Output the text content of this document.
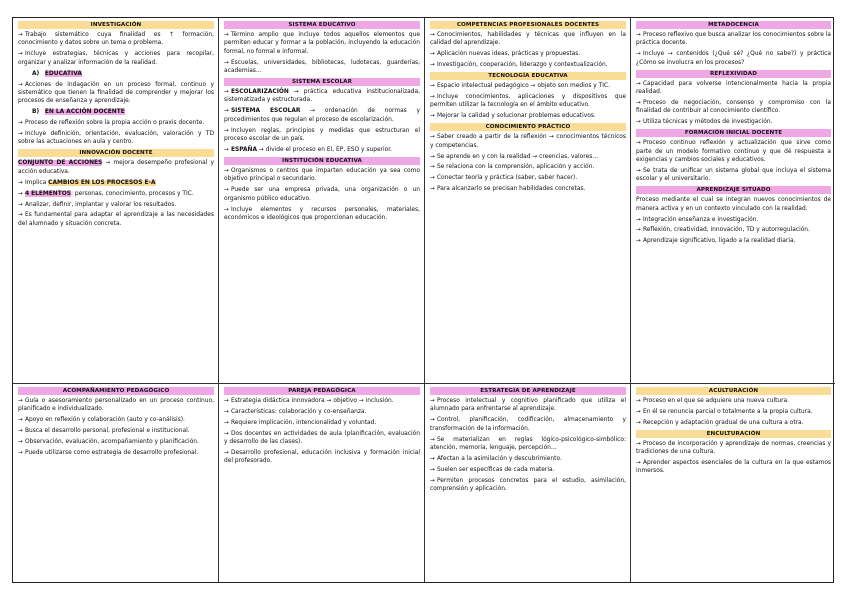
INVESTIGACIÓN

→ Trabajo sistemático cuya finalidad es ↑ formación, conocimiento y datos sobre un tema o problema.

→ Incluye estrategias, técnicas y acciones para recopilar, organizar y analizar información de la realidad.

A) EDUCATIVA

→ Acciones de indagación en un proceso formal, continuo y sistemático que tienen la finalidad de comprender y mejorar los procesos de enseñanza y aprendizaje.

B) EN LA ACCIÓN DOCENTE

→ Proceso de reflexión sobre la propia acción o praxis docente.

→ Incluye definición, orientación, evaluación, valoración y TD sobre las actuaciones en aula y centro.

INNOVACIÓN DOCENTE

CONJUNTO DE ACCIONES → mejora desempeño profesional y acción educativa.

→ Implica CAMBIOS EN LOS PROCESOS E-A

→ 4 ELEMENTOS: personas, conocimiento, procesos y TIC.

→ Analizar, definir, implantar y valorar los resultados.

→ Es fundamental para adaptar el aprendizaje a las necesidades del alumnado y situación concreta.

SISTEMA EDUCATIVO

→ Término amplio que incluye todos aquellos elementos que permiten educar y formar a la población, incluyendo la educación formal, no formal e informal.

→ Escuelas, universidades, bibliotecas, ludotecas, guarderías, academias…

SISTEMA ESCOLAR

→ ESCOLARIZACIÓN → práctica educativa institucionalizada, sistematizada y estructurada.

→ SISTEMA ESCOLAR → ordenación de normas y procedimientos que regulan el proceso de escolarización.

→ Incluyen reglas, principios y medidas que estructuran el proceso escolar de un país.

→ ESPAÑA → divide el proceso en EI, EP, ESO y superior.

INSTITUCIÓN EDUCATIVA

→ Organismos o centros que imparten educación ya sea como objetivo principal o secundario.

→ Puede ser una empresa privada, una organización o un organismo público educativo.

→ Incluye elementos y recursos personales, materiales, económicos e ideológicos que proporcionan educación.

COMPETENCIAS PROFESIONALES DOCENTES

→ Conocimientos, habilidades y técnicas que influyen en la calidad del aprendizaje.

→ Aplicación nuevas ideas, prácticas y propuestas.

→ Investigación, cooperación, liderazgo y contextualización.

TECNOLOGÍA EDUCATIVA

→ Espacio intelectual pedagógico → objeto son medios y TIC.

→ Incluye conocimientos, aplicaciones y dispositivos que permiten utilizar la tecnología en el ámbito educativo.

→ Mejorar la calidad y solucionar problemas educativos.

CONOCIMIENTO PRÁCTICO

→ Saber creado a partir de la reflexión → conocimientos técnicos y competencias.

→ Se aprende en y con la realidad → creencias, valores…

→ Se relaciona con la comprensión, aplicación y acción.

→ Conectar teoría y práctica (saber, saber hacer).

→ Para alcanzarlo se precisan habilidades concretas.

METADOCENCIA

→ Proceso reflexivo que busca analizar los conocimientos sobre la práctica docente.

→ Incluye → contenidos (¿Qué sé? ¿Qué no sabe?) y práctica ¿Cómo se involucra en los procesos?

REFLEXIVIDAD

→ Capacidad para volverse intencionalmente hacia la propia realidad.

→ Proceso de negociación, consenso y compromiso con la finalidad de contribuir al conocimiento científico.

→ Utiliza técnicas y métodos de investigación.

FORMACIÓN INICIAL DOCENTE

→ Proceso continuo reflexión y actualización que sirve como parte de un modelo formativo continuo y que dé respuesta a exigencias y cambios sociales y educativos.

→ Se trata de unificar un sistema global que incluya el sistema escolar y el universitario.

APRENDIZAJE SITUADO

Proceso mediante el cual se integran nuevos conocimientos de manera activa y en un contexto vinculado con la realidad.

→ Integración enseñanza e investigación.

→ Reflexión, creatividad, innovación, TD y autorregulación.

→ Aprendizaje significativo, ligado a la realidad diaria.

ACOMPAÑAMIENTO PEDAGÓGICO

→ Guía o asesoramiento personalizado en un proceso continuo, planificado e individualizado.

→ Apoyo en reflexión y colaboración (auto y co-análisis).

→ Busca el desarrollo personal, profesional e institucional.

→ Observación, evaluación, acompañamiento y planificación.

→ Puede utilizarse como estrategia de desarrollo profesional.

PAREJA PEDAGÓGICA

→ Estrategia didáctica innovadora → objetivo → inclusión.

→ Características: colaboración y co-enseñanza.

→ Requiere implicación, intencionalidad y voluntad.

→ Dos docentes en actividades de aula (planificación, evaluación y desarrollo de las clases).

→ Desarrollo profesional, educación inclusiva y formación inicial del profesorado.

ESTRATEGIA DE APRENDIZAJE

→ Proceso intelectual y cognitivo planificado que utiliza el alumnado para enfrentarse al aprendizaje.

→ Control, planificación, codificación, almacenamiento y transformación de la información.

→ Se materializan en reglas lógico-psicológico-simbólico: atención, memoria, lenguaje, percepción…

→ Afectan a la asimilación y descubrimiento.

→ Suelen ser específicas de cada materia.

→ Permiten procesos concretos para el estudio, asimilación, comprensión y aplicación.

ACULTURACIÓN

→ Proceso en el que se adquiere una nueva cultura.

→ En él se renuncia parcial o totalmente a la propia cultura.

→ Recepción y adaptación gradual de una cultura a otra.

ENCULTURACIÓN

→ Proceso de incorporación y aprendizaje de normas, creencias y tradiciones de una cultura.

→ Aprender aspectos esenciales de la cultura en la que estamos inmersos.
